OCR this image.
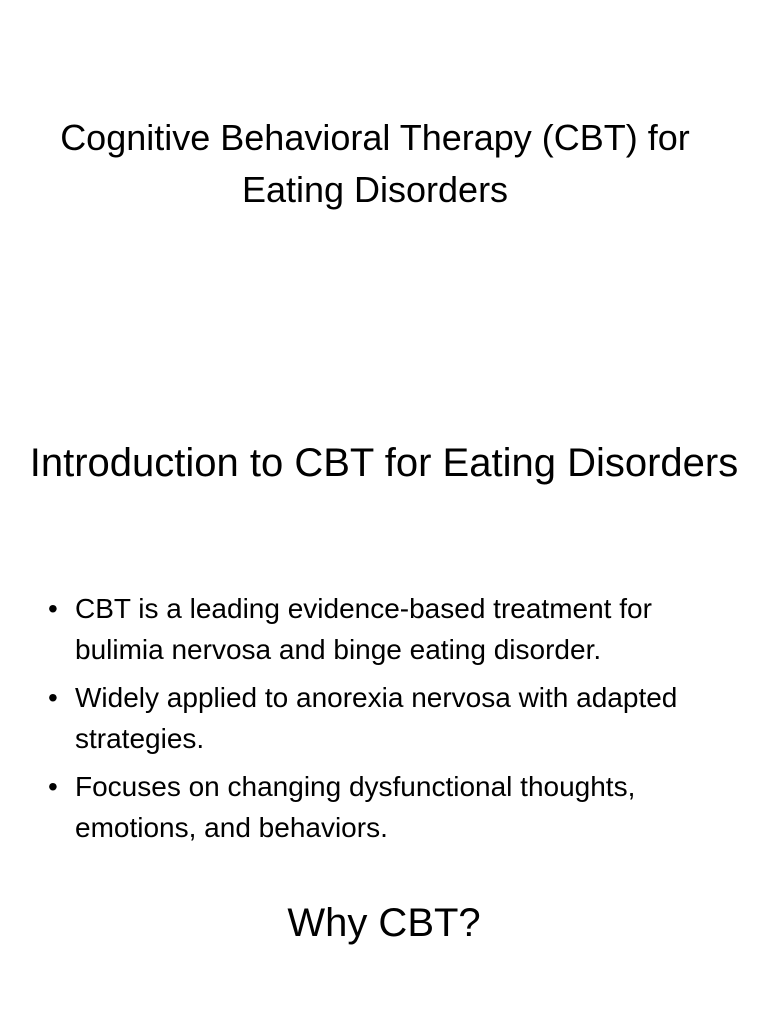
Cognitive Behavioral Therapy (CBT) for Eating Disorders
Introduction to CBT for Eating Disorders
• CBT is a leading evidence-based treatment for bulimia nervosa and binge eating disorder.
• Widely applied to anorexia nervosa with adapted strategies.
• Focuses on changing dysfunctional thoughts, emotions, and behaviors.
Why CBT?
